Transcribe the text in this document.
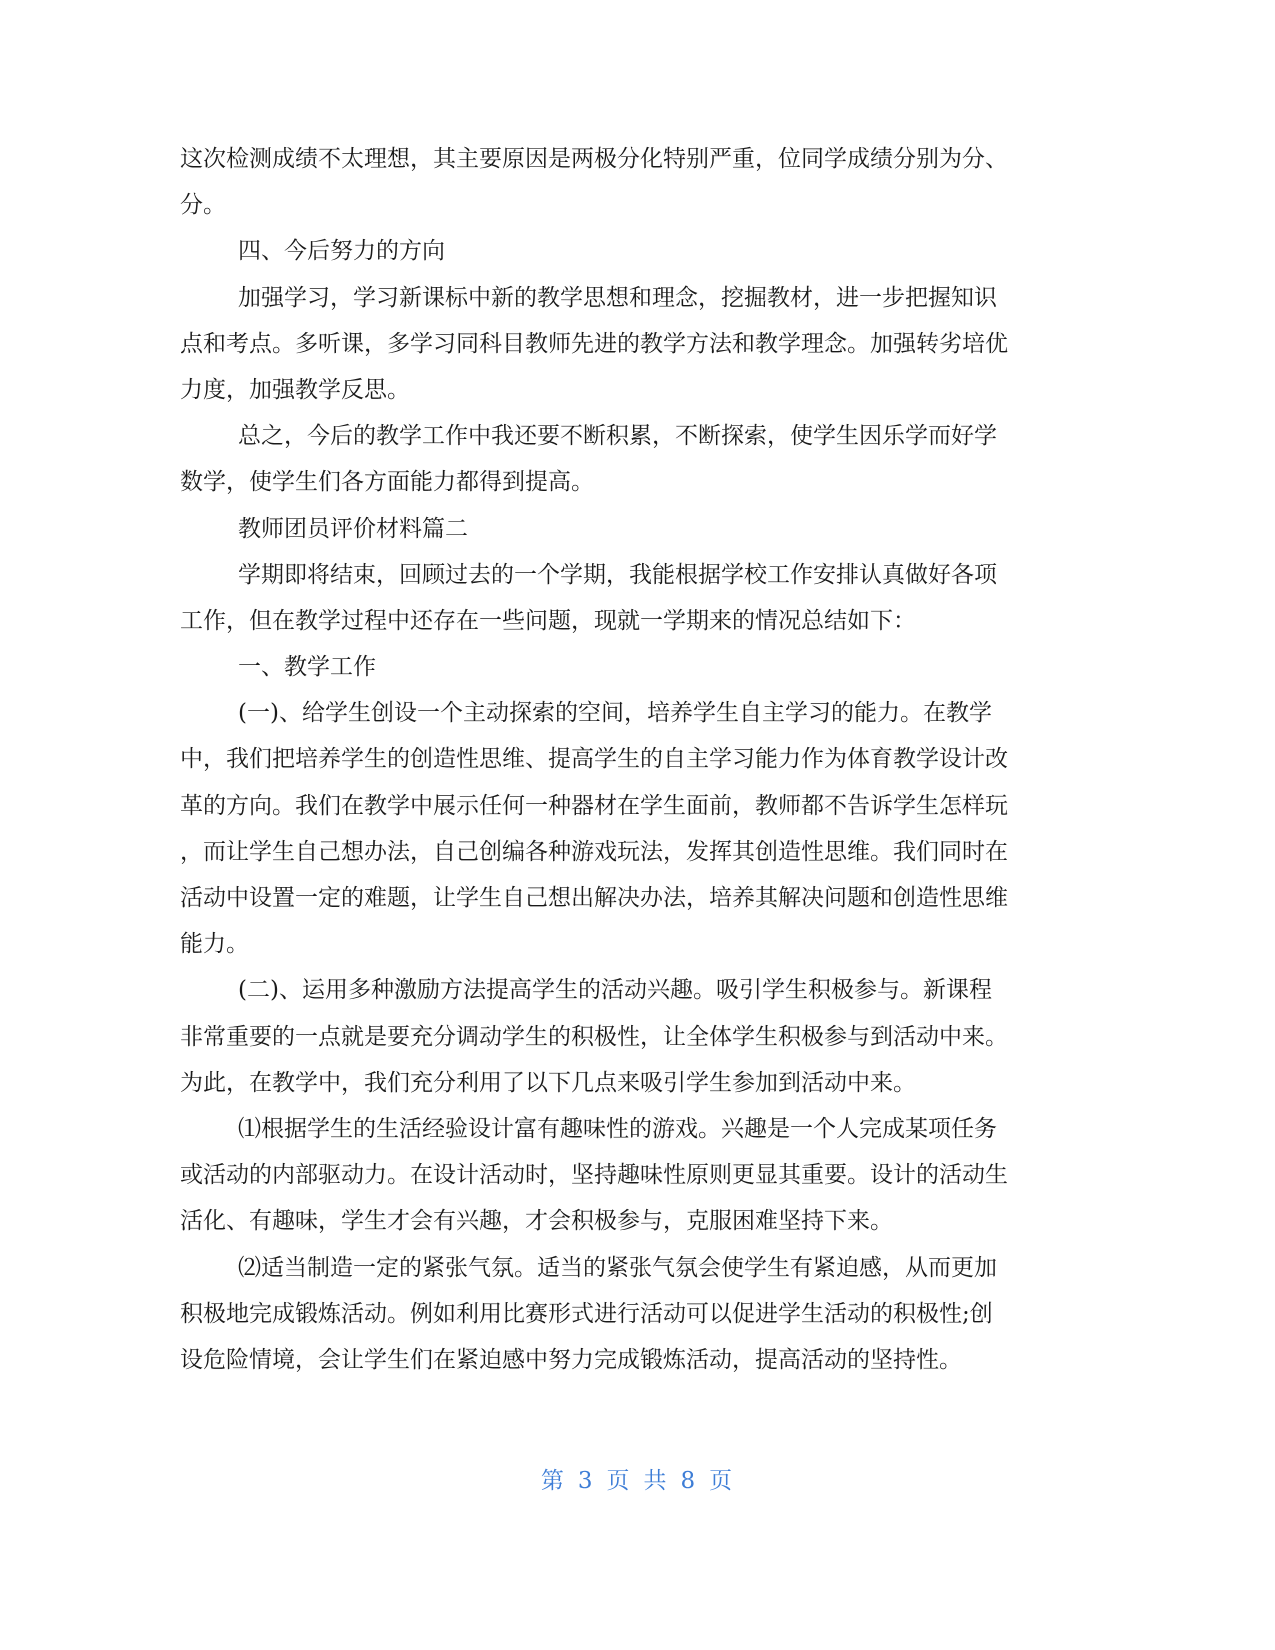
这次检测成绩不太理想，其主要原因是两极分化特别严重，位同学成绩分别为分、
分。
四、今后努力的方向
加强学习，学习新课标中新的教学思想和理念，挖掘教材，进一步把握知识
点和考点。多听课，多学习同科目教师先进的教学方法和教学理念。加强转劣培优
力度，加强教学反思。
总之，今后的教学工作中我还要不断积累，不断探索，使学生因乐学而好学
数学，使学生们各方面能力都得到提高。
教师团员评价材料篇二
学期即将结束，回顾过去的一个学期，我能根据学校工作安排认真做好各项
工作，但在教学过程中还存在一些问题，现就一学期来的情况总结如下：
一、教学工作
(一)、给学生创设一个主动探索的空间，培养学生自主学习的能力。在教学
中，我们把培养学生的创造性思维、提高学生的自主学习能力作为体育教学设计改
革的方向。我们在教学中展示任何一种器材在学生面前，教师都不告诉学生怎样玩
，而让学生自己想办法，自己创编各种游戏玩法，发挥其创造性思维。我们同时在
活动中设置一定的难题，让学生自己想出解决办法，培养其解决问题和创造性思维
能力。
(二)、运用多种激励方法提高学生的活动兴趣。吸引学生积极参与。新课程
非常重要的一点就是要充分调动学生的积极性，让全体学生积极参与到活动中来。
为此，在教学中，我们充分利用了以下几点来吸引学生参加到活动中来。
⑴根据学生的生活经验设计富有趣味性的游戏。兴趣是一个人完成某项任务
或活动的内部驱动力。在设计活动时，坚持趣味性原则更显其重要。设计的活动生
活化、有趣味，学生才会有兴趣，才会积极参与，克服困难坚持下来。
⑵适当制造一定的紧张气氛。适当的紧张气氛会使学生有紧迫感，从而更加
积极地完成锻炼活动。例如利用比赛形式进行活动可以促进学生活动的积极性;创
设危险情境，会让学生们在紧迫感中努力完成锻炼活动，提高活动的坚持性。
第 3 页 共 8 页
